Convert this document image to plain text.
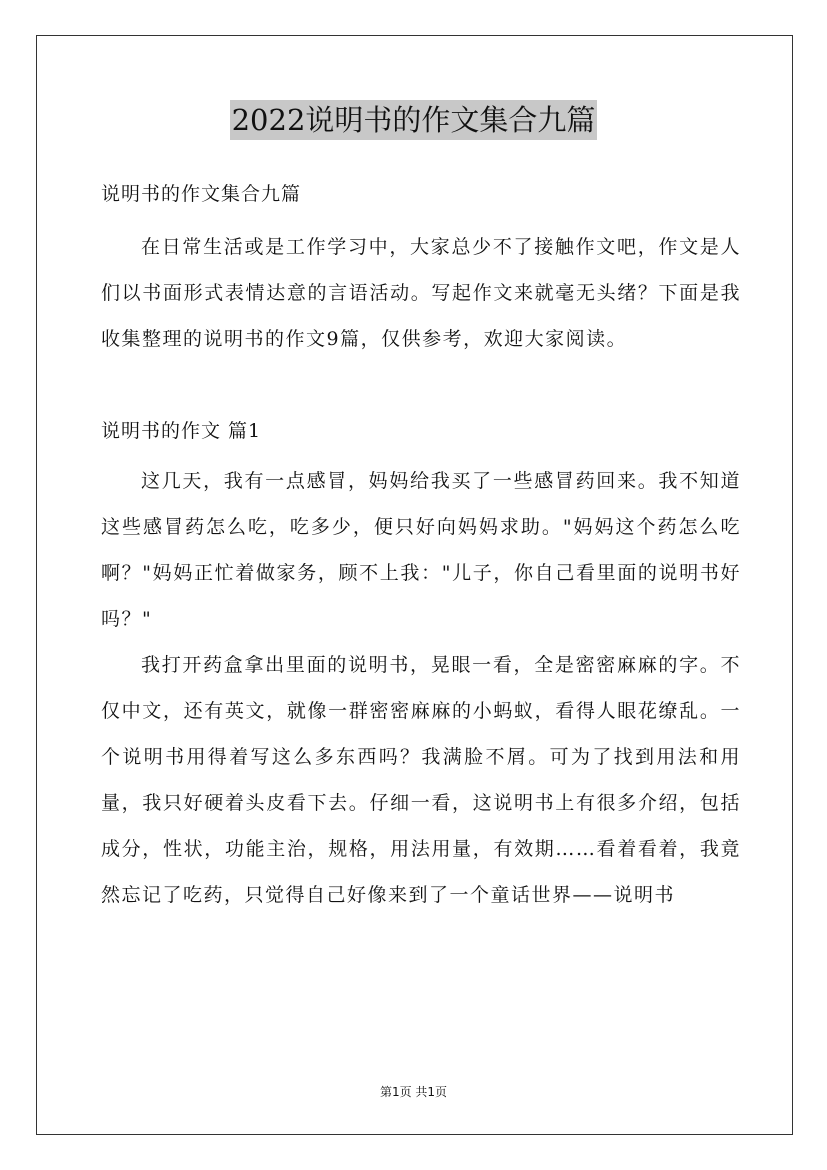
2022说明书的作文集合九篇

说明书的作文集合九篇

在日常生活或是工作学习中，大家总少不了接触作文吧，作文是人们以书面形式表情达意的言语活动。写起作文来就毫无头绪？下面是我收集整理的说明书的作文9篇，仅供参考，欢迎大家阅读。

说明书的作文 篇1

这几天，我有一点感冒，妈妈给我买了一些感冒药回来。我不知道这些感冒药怎么吃，吃多少，便只好向妈妈求助。"妈妈这个药怎么吃啊？"妈妈正忙着做家务，顾不上我："儿子，你自己看里面的说明书好吗？"

我打开药盒拿出里面的说明书，晃眼一看，全是密密麻麻的字。不仅中文，还有英文，就像一群密密麻麻的小蚂蚁，看得人眼花缭乱。一个说明书用得着写这么多东西吗？我满脸不屑。可为了找到用法和用量，我只好硬着头皮看下去。仔细一看，这说明书上有很多介绍，包括成分，性状，功能主治，规格，用法用量，有效期……看着看着，我竟然忘记了吃药，只觉得自己好像来到了一个童话世界——说明书

第1页 共1页
